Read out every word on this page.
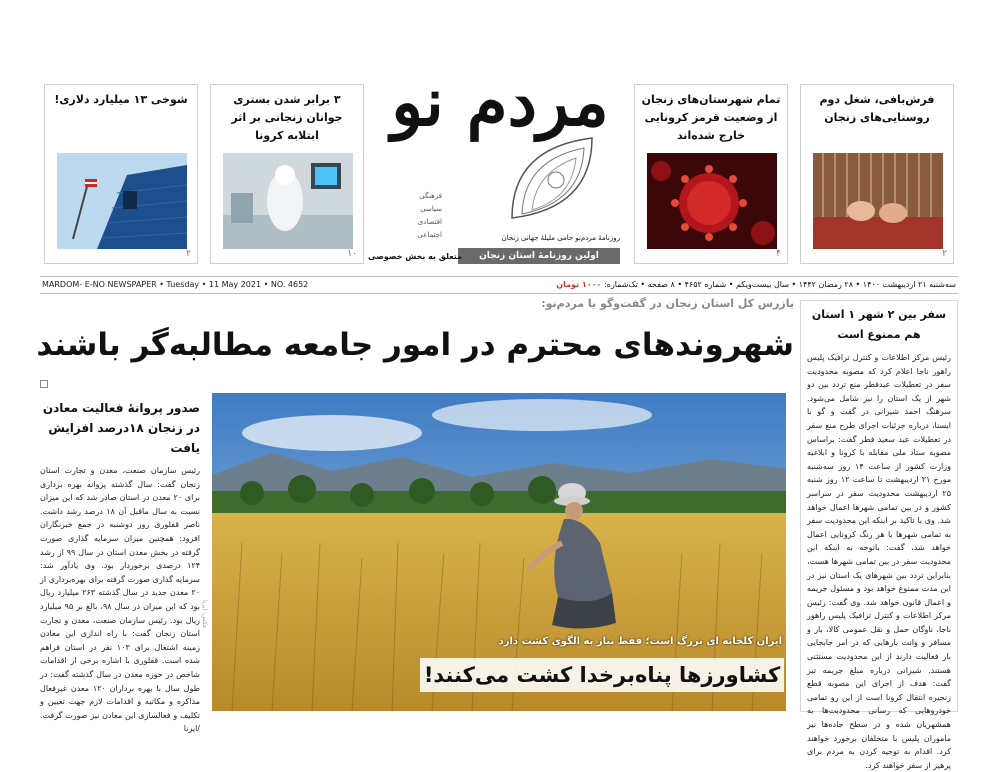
فرش‌بافی، شغل دوم روستایی‌های زنجان
۲
تمام شهرستان‌های زنجان از وضعیت قرمز کرونایی خارج شده‌اند
۴
۳ برابر شدن بستری جوانان زنجانی بر اثر ابتلابه کرونا
۱۰
شوخی ۱۳ میلیارد دلاری!
۲
مردم نو
فرهنگی
سیاسی
اقتصادی
اجتماعی	روزنامۀ مردم‌نو حامی ملیلۀ جهانی زنجان
اولین روزنامۀ استان زنجان
متعلق به بخش خصوصی
MARDOM- E-NO NEWSPAPER • Tuesday • 11 May 2021 • NO. 4652	سه‌شنبه ۲۱ اردیبهشت ۱۴۰۰ • ۲۸ رمضان ۱۴۴۲ • سال بیست‌ویکم • شماره ۴۶۵۲ • ۸ صفحه • تک‌شماره: ۱۰۰۰ تومان
بازرس کل استان زنجان در گفت‌وگو با مردم‌نو:
شهروندهای محترم در امور جامعه مطالبه‌گر باشند
ایران کلخانه ای بزرگ است؛ فقط نیاز به الگوی کشت دارد
کشاورزها پناه‌برخدا کشت می‌کنند!
عکس: ایرنا
صدور پروانۀ فعالیت معادن در زنجان ۱۸درصد افزایش یافت
رئیس سازمان صنعت، معدن و تجارت استان زنجان گفت: سال گذشته پروانه بهره برداری برای ۲۰ معدن در استان صادر شد که این میزان نسبت به سال ماقبل آن ۱۸ درصد رشد داشت. ناصر قفلوری روز دوشنبه در جمع خبرنگاران افزود: همچنین میزان سرمایه گذاری صورت گرفته در بخش معدن استان در سال ۹۹ از رشد ۱۲۴ درصدی برخوردار بود. وی یادآور شد: سرمایه گذاری صورت گرفته برای بهره‌برداری از ۲۰ معدن جدید در سال گذشته ۲۶۳ میلیارد ریال بود که این میزان در سال ۹۸، بالغ بر ۹۵ میلیارد ریال بود. رئیس سازمان صنعت، معدن و تجارت استان زنجان گفت: با راه اندازی این معادن زمینه اشتغال برای ۱۰۳ نفر در استان فراهم شده است. قفلوری با اشاره برخی از اقدامات شاخص در حوزه معدن در سال گذشته گفت: در طول سال با بهره برداران ۱۲۰ معدن غیرفعال مذاکره و مکاتبه و اقدامات لازم جهت تعیین و تکلیف و فعالسازی این معادن نیز صورت گرفت. /ایرنا
سفر بین ۲ شهر ۱ استان هم ممنوع است
رئیس مرکز اطلاعات و کنترل ترافیک پلیس راهور ناجا اعلام کرد که مصوبه محدودیت سفر در تعطیلات عیدفطر منع تردد بین دو شهر از یک استان را نیز شامل می‌شود. سرهنگ احمد شیرانی در گفت و گو با ایسنا، درباره جزئیات اجرای طرح منع سفر در تعطیلات عید سعید فطر گفت: براساس مصوبه ستاد ملی مقابله با کرونا و ابلاغیه وزارت کشور از ساعت ۱۴ روز سه‌شنبه مورخ ۲۱ اردیبهشت تا ساعت ۱۲ روز شنبه ۲۵ اردیبهشت محدودیت سفر در سراسر کشور و در بین تمامی شهرها اعمال خواهد شد. وی با تاکید بر اینکه این محدودیت سفر به تمامی شهرها با هر رنگ کرونایی اعمال خواهد شد، گفت: باتوجه به اینکه این محدودیت سفر در بین تمامی شهرها هست، بنابراین تردد بین شهرهای یک استان نیز در این مدت ممنوع خواهد بود و مسئول جریمه و اعمال قانون خواهد شد. وی گفت: رئیس مرکز اطلاعات و کنترل ترافیک پلیس راهور ناجا، ناوگان حمل و نقل عمومی کالا، بار و مسافر و وانت بارهایی که در امر جابجایی بار فعالیت دارند از این محدودیت مستثنی هستند. شیرانی درباره مبلغ جریمه تیز گفت: هدف از اجرای این مصوبه قطع زنجیره انتقال کرونا است از این رو تمامی خودروهایی که رسانی محدودیت‌ها به همشهریان شده و در سطح جاده‌ها نیز ماموران پلیس با متخلفان برخورد خواهند کرد. اقدام به توجیه کردن به مردم برای پرهیز از سفر خواهند کرد.
